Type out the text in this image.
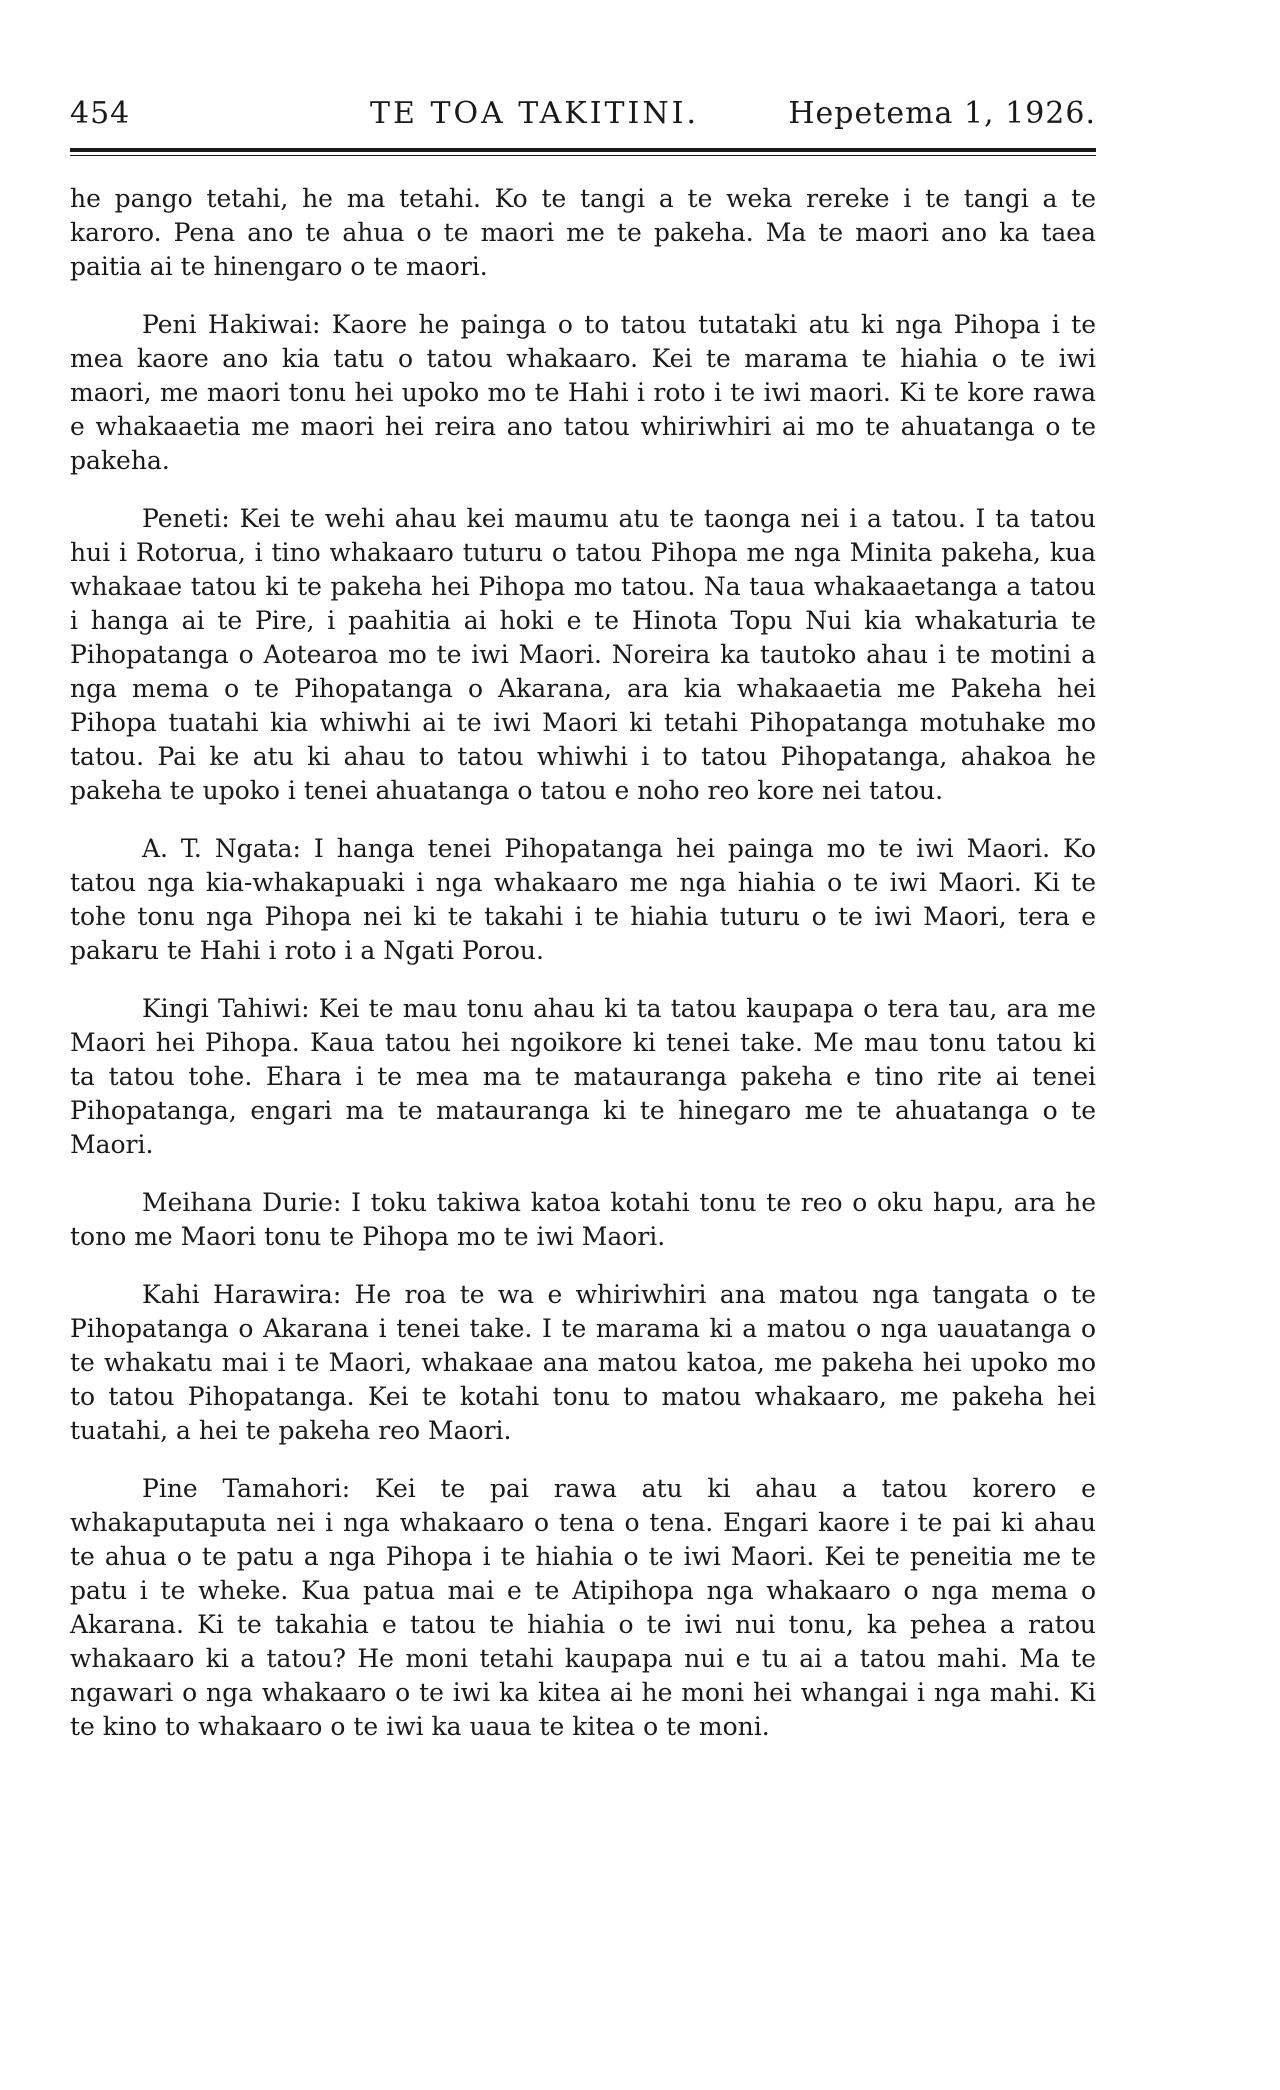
454	TE TOA TAKITINI.	Hepetema 1, 1926.

he pango tetahi, he ma tetahi. Ko te tangi a te weka rereke i te tangi a te karoro. Pena ano te ahua o te maori me te pakeha. Ma te maori ano ka taea paitia ai te hinengaro o te maori.

Peni Hakiwai: Kaore he painga o to tatou tutataki atu ki nga Pihopa i te mea kaore ano kia tatu o tatou whakaaro. Kei te marama te hiahia o te iwi maori, me maori tonu hei upoko mo te Hahi i roto i te iwi maori. Ki te kore rawa e whakaaetia me maori hei reira ano tatou whiriwhiri ai mo te ahuatanga o te pakeha.

Peneti: Kei te wehi ahau kei maumu atu te taonga nei i a tatou. I ta tatou hui i Rotorua, i tino whakaaro tuturu o tatou Pihopa me nga Minita pakeha, kua whakaae tatou ki te pakeha hei Pihopa mo tatou. Na taua whakaaetanga a tatou i hanga ai te Pire, i paahitia ai hoki e te Hinota Topu Nui kia whakaturia te Pihopatanga o Aotearoa mo te iwi Maori. Noreira ka tautoko ahau i te motini a nga mema o te Pihopatanga o Akarana, ara kia whakaaetia me Pakeha hei Pihopa tuatahi kia whiwhi ai te iwi Maori ki tetahi Pihopatanga motuhake mo tatou. Pai ke atu ki ahau to tatou whiwhi i to tatou Pihopatanga, ahakoa he pakeha te upoko i tenei ahuatanga o tatou e noho reo kore nei tatou.

A. T. Ngata: I hanga tenei Pihopatanga hei painga mo te iwi Maori. Ko tatou nga kia-whakapuaki i nga whakaaro me nga hiahia o te iwi Maori. Ki te tohe tonu nga Pihopa nei ki te takahi i te hiahia tuturu o te iwi Maori, tera e pakaru te Hahi i roto i a Ngati Porou.

Kingi Tahiwi: Kei te mau tonu ahau ki ta tatou kaupapa o tera tau, ara me Maori hei Pihopa. Kaua tatou hei ngoikore ki tenei take. Me mau tonu tatou ki ta tatou tohe. Ehara i te mea ma te matauranga pakeha e tino rite ai tenei Pihopatanga, engari ma te matauranga ki te hinegaro me te ahuatanga o te Maori.

Meihana Durie: I toku takiwa katoa kotahi tonu te reo o oku hapu, ara he tono me Maori tonu te Pihopa mo te iwi Maori.

Kahi Harawira: He roa te wa e whiriwhiri ana matou nga tangata o te Pihopatanga o Akarana i tenei take. I te marama ki a matou o nga uauatanga o te whakatu mai i te Maori, whakaae ana matou katoa, me pakeha hei upoko mo to tatou Pihopatanga. Kei te kotahi tonu to matou whakaaro, me pakeha hei tuatahi, a hei te pakeha reo Maori.

Pine Tamahori: Kei te pai rawa atu ki ahau a tatou korero e whakaputaputa nei i nga whakaaro o tena o tena. Engari kaore i te pai ki ahau te ahua o te patu a nga Pihopa i te hiahia o te iwi Maori. Kei te peneitia me te patu i te wheke. Kua patua mai e te Atipihopa nga whakaaro o nga mema o Akarana. Ki te takahia e tatou te hiahia o te iwi nui tonu, ka pehea a ratou whakaaro ki a tatou? He moni tetahi kaupapa nui e tu ai a tatou mahi. Ma te ngawari o nga whakaaro o te iwi ka kitea ai he moni hei whangai i nga mahi. Ki te kino to whakaaro o te iwi ka uaua te kitea o te moni.
